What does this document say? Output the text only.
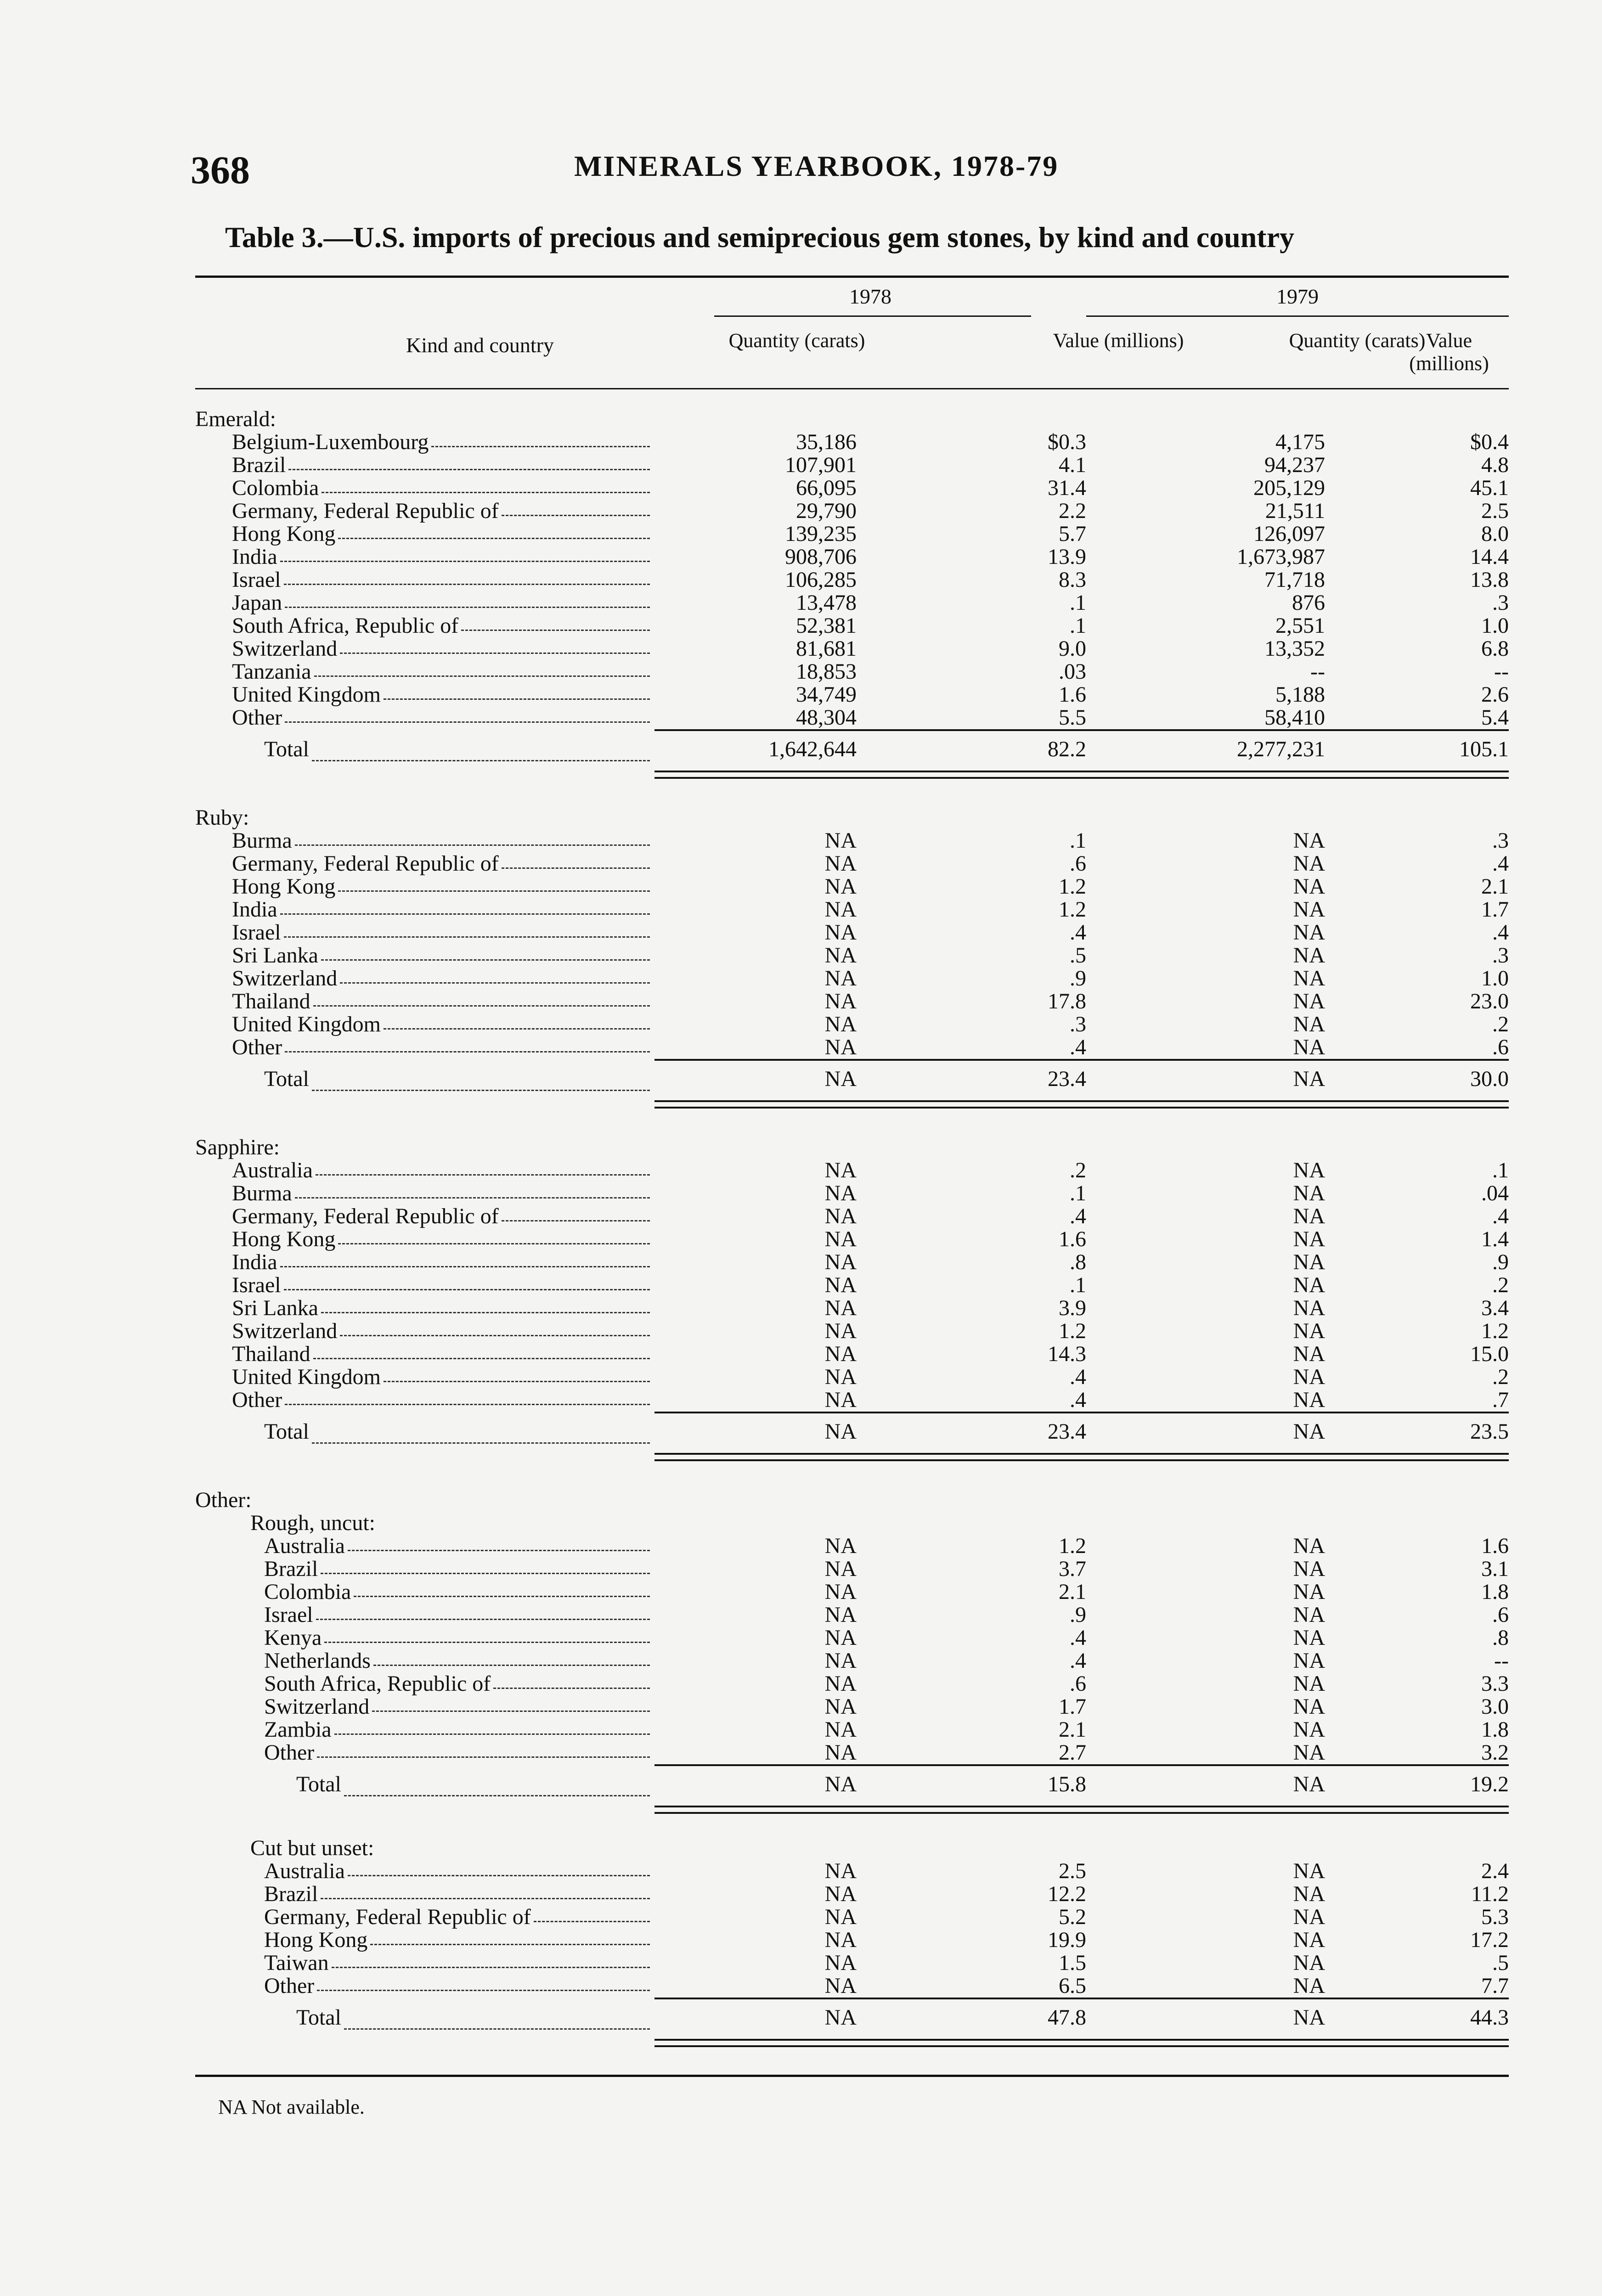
368	MINERALS YEARBOOK, 1978-79
Table 3.—U.S. imports of precious and semiprecious gem stones, by kind and country
1978	1979
Kind and country	Quantity (carats)	Value (millions)	Quantity (carats) Value (millions)
Emerald:
Belgium-Luxembourg	35,186	$0.3	4,175	$0.4
Brazil	107,901	4.1	94,237	4.8
Colombia	66,095	31.4	205,129	45.1
Germany, Federal Republic of	29,790	2.2	21,511	2.5
Hong Kong	139,235	5.7	126,097	8.0
India	908,706	13.9	1,673,987	14.4
Israel	106,285	8.3	71,718	13.8
Japan	13,478	.1	876	.3
South Africa, Republic of	52,381	.1	2,551	1.0
Switzerland	81,681	9.0	13,352	6.8
Tanzania	18,853	.03	--	--
United Kingdom	34,749	1.6	5,188	2.6
Other	48,304	5.5	58,410	5.4
Total	1,642,644	82.2	2,277,231	105.1
Ruby:
Burma	NA	.1	NA	.3
Germany, Federal Republic of	NA	.6	NA	.4
Hong Kong	NA	1.2	NA	2.1
India	NA	1.2	NA	1.7
Israel	NA	.4	NA	.4
Sri Lanka	NA	.5	NA	.3
Switzerland	NA	.9	NA	1.0
Thailand	NA	17.8	NA	23.0
United Kingdom	NA	.3	NA	.2
Other	NA	.4	NA	.6
Total	NA	23.4	NA	30.0
Sapphire:
Australia	NA	.2	NA	.1
Burma	NA	.1	NA	.04
Germany, Federal Republic of	NA	.4	NA	.4
Hong Kong	NA	1.6	NA	1.4
India	NA	.8	NA	.9
Israel	NA	.1	NA	.2
Sri Lanka	NA	3.9	NA	3.4
Switzerland	NA	1.2	NA	1.2
Thailand	NA	14.3	NA	15.0
United Kingdom	NA	.4	NA	.2
Other	NA	.4	NA	.7
Total	NA	23.4	NA	23.5
Other:
Rough, uncut:
Australia	NA	1.2	NA	1.6
Brazil	NA	3.7	NA	3.1
Colombia	NA	2.1	NA	1.8
Israel	NA	.9	NA	.6
Kenya	NA	.4	NA	.8
Netherlands	NA	.4	NA	--
South Africa, Republic of	NA	.6	NA	3.3
Switzerland	NA	1.7	NA	3.0
Zambia	NA	2.1	NA	1.8
Other	NA	2.7	NA	3.2
Total	NA	15.8	NA	19.2
Cut but unset:
Australia	NA	2.5	NA	2.4
Brazil	NA	12.2	NA	11.2
Germany, Federal Republic of	NA	5.2	NA	5.3
Hong Kong	NA	19.9	NA	17.2
Taiwan	NA	1.5	NA	.5
Other	NA	6.5	NA	7.7
Total	NA	47.8	NA	44.3
NA Not available.
